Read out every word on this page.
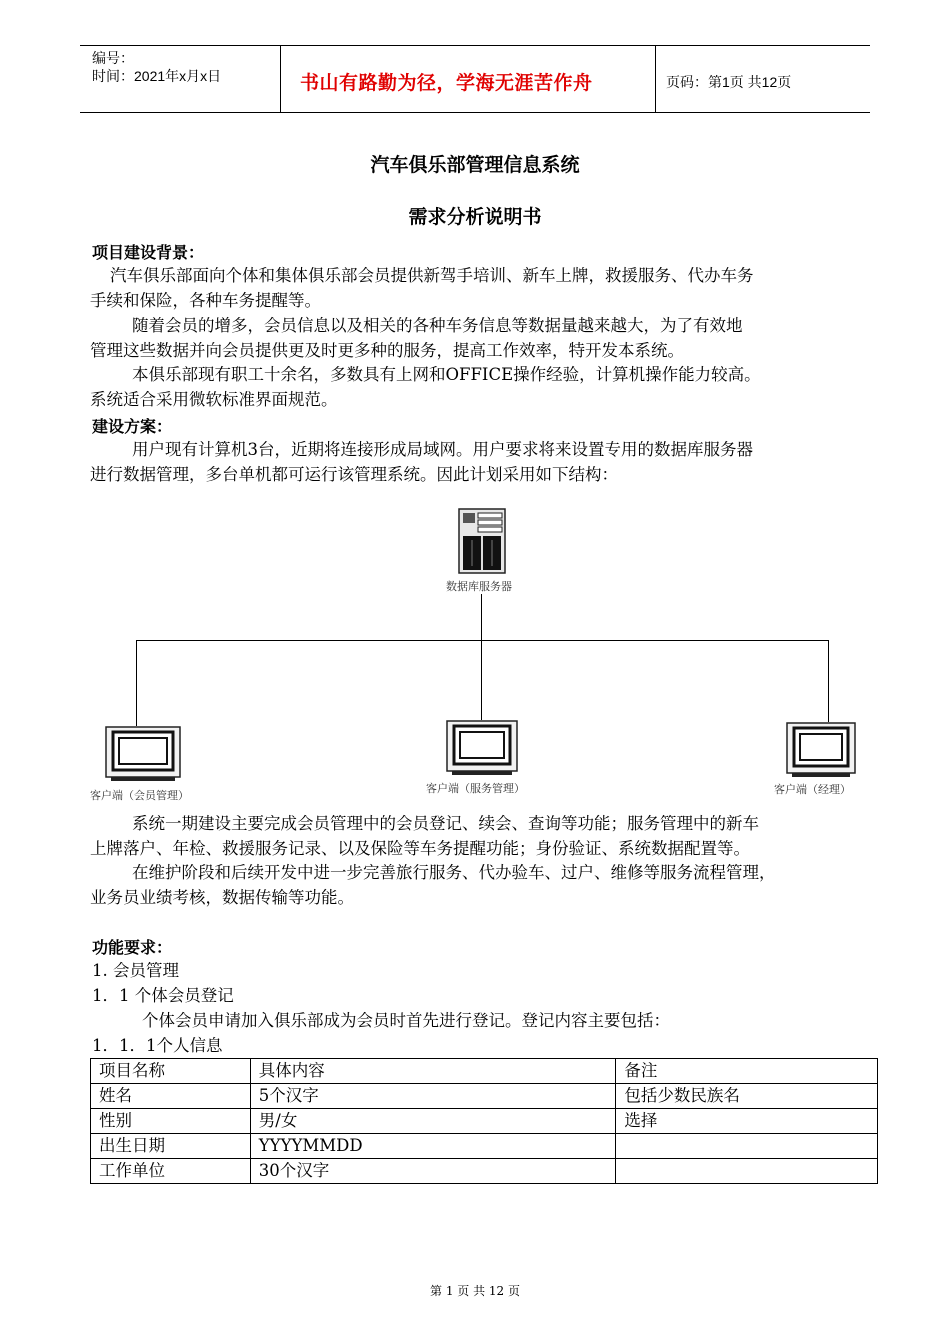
编号：
时间：2021年x月x日	书山有路勤为径，学海无涯苦作舟	页码：第1页 共12页
汽车俱乐部管理信息系统
需求分析说明书
项目建设背景：
汽车俱乐部面向个体和集体俱乐部会员提供新驾手培训、新车上牌，救援服务、代办车务
手续和保险，各种车务提醒等。
随着会员的增多，会员信息以及相关的各种车务信息等数据量越来越大，为了有效地
管理这些数据并向会员提供更及时更多种的服务，提高工作效率，特开发本系统。
本俱乐部现有职工十余名，多数具有上网和OFFICE操作经验，计算机操作能力较高。
系统适合采用微软标准界面规范。
建设方案：
用户现有计算机3台，近期将连接形成局域网。用户要求将来设置专用的数据库服务器
进行数据管理，多台单机都可运行该管理系统。因此计划采用如下结构：
数据库服务器
客户端（会员管理）
客户端（服务管理）	客户端（经理）
系统一期建设主要完成会员管理中的会员登记、续会、查询等功能；服务管理中的新车
上牌落户、年检、救援服务记录、以及保险等车务提醒功能；身份验证、系统数据配置等。
在维护阶段和后续开发中进一步完善旅行服务、代办验车、过户、维修等服务流程管理，
业务员业绩考核，数据传输等功能。
功能要求：
1. 会员管理
1．1 个体会员登记
个体会员申请加入俱乐部成为会员时首先进行登记。登记内容主要包括：
1．1．1个人信息
项目名称	具体内容	备注
姓名	5个汉字	包括少数民族名
性别	男/女	选择
出生日期	YYYYMMDD	
工作单位	30个汉字	
第 1 页 共 12 页
